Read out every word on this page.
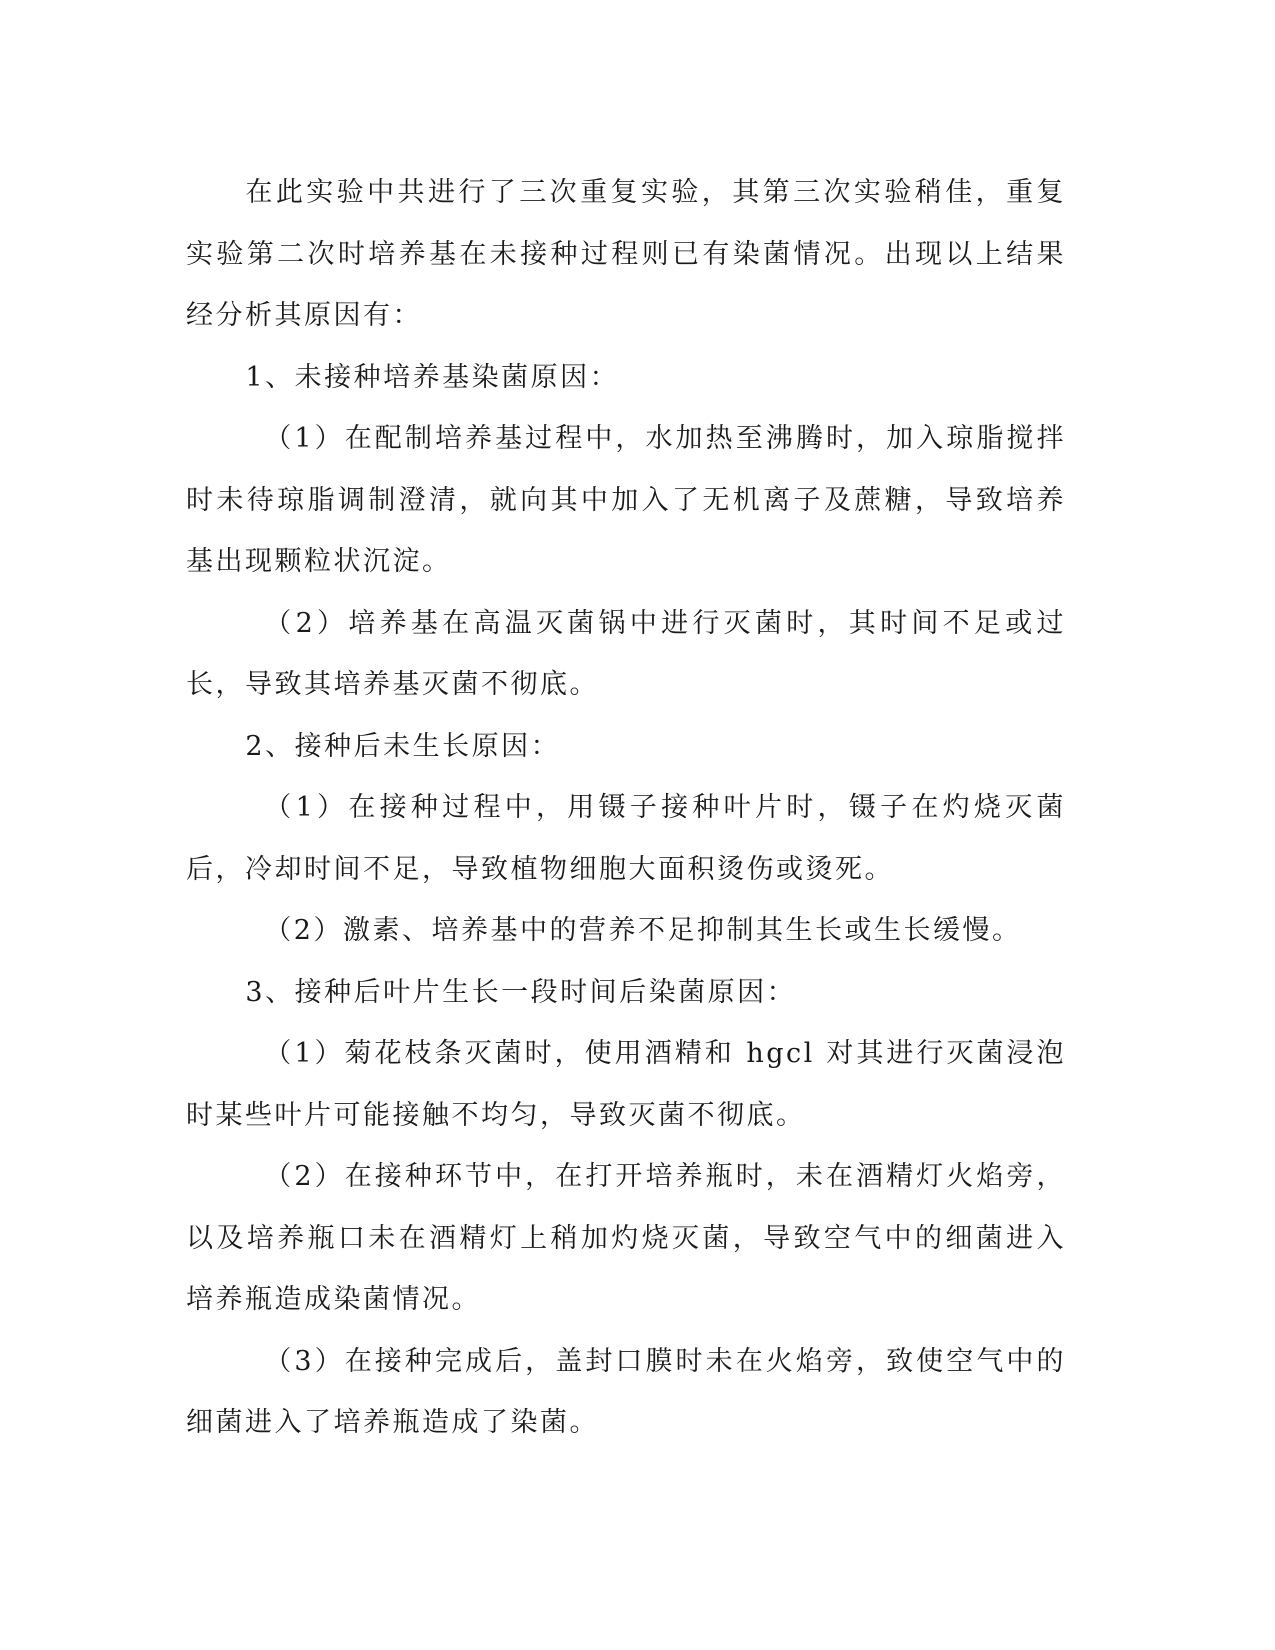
在此实验中共进行了三次重复实验，其第三次实验稍佳，重复实验第二次时培养基在未接种过程则已有染菌情况。出现以上结果经分析其原因有：

1、未接种培养基染菌原因：

（1）在配制培养基过程中，水加热至沸腾时，加入琼脂搅拌时未待琼脂调制澄清，就向其中加入了无机离子及蔗糖，导致培养基出现颗粒状沉淀。

（2）培养基在高温灭菌锅中进行灭菌时，其时间不足或过长，导致其培养基灭菌不彻底。

2、接种后未生长原因：

（1）在接种过程中，用镊子接种叶片时，镊子在灼烧灭菌后，冷却时间不足，导致植物细胞大面积烫伤或烫死。

（2）激素、培养基中的营养不足抑制其生长或生长缓慢。

3、接种后叶片生长一段时间后染菌原因：

（1）菊花枝条灭菌时，使用酒精和 hgcl 对其进行灭菌浸泡时某些叶片可能接触不均匀，导致灭菌不彻底。

（2）在接种环节中，在打开培养瓶时，未在酒精灯火焰旁，以及培养瓶口未在酒精灯上稍加灼烧灭菌，导致空气中的细菌进入培养瓶造成染菌情况。

（3）在接种完成后，盖封口膜时未在火焰旁，致使空气中的细菌进入了培养瓶造成了染菌。
